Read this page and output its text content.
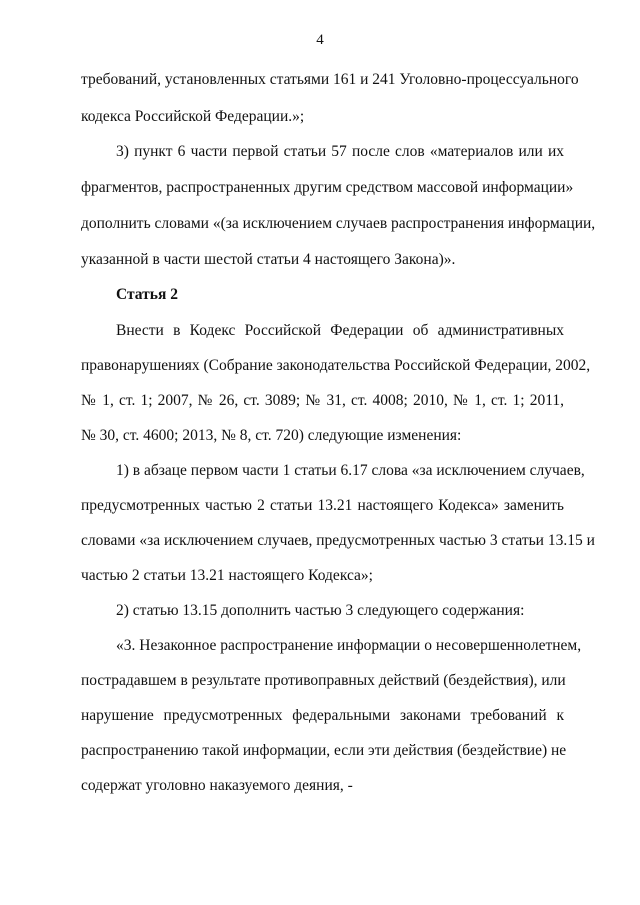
4
требований, установленных статьями 161 и 241 Уголовно-процессуального
кодекса Российской Федерации.»;
3) пункт 6 части первой статьи 57 после слов «материалов или их
фрагментов, распространенных другим средством массовой информации»
дополнить словами «(за исключением случаев распространения информации,
указанной в части шестой статьи 4 настоящего Закона)».
Статья 2
Внести в Кодекс Российской Федерации об административных
правонарушениях (Собрание законодательства Российской Федерации, 2002,
№ 1, ст. 1; 2007, № 26, ст. 3089; № 31, ст. 4008; 2010, № 1, ст. 1; 2011,
№ 30, ст. 4600; 2013, № 8, ст. 720) следующие изменения:
1) в абзаце первом части 1 статьи 6.17 слова «за исключением случаев,
предусмотренных частью 2 статьи 13.21 настоящего Кодекса» заменить
словами «за исключением случаев, предусмотренных частью 3 статьи 13.15 и
частью 2 статьи 13.21 настоящего Кодекса»;
2) статью 13.15 дополнить частью 3 следующего содержания:
«3. Незаконное распространение информации о несовершеннолетнем,
пострадавшем в результате противоправных действий (бездействия), или
нарушение предусмотренных федеральными законами требований к
распространению такой информации, если эти действия (бездействие) не
содержат уголовно наказуемого деяния, -
